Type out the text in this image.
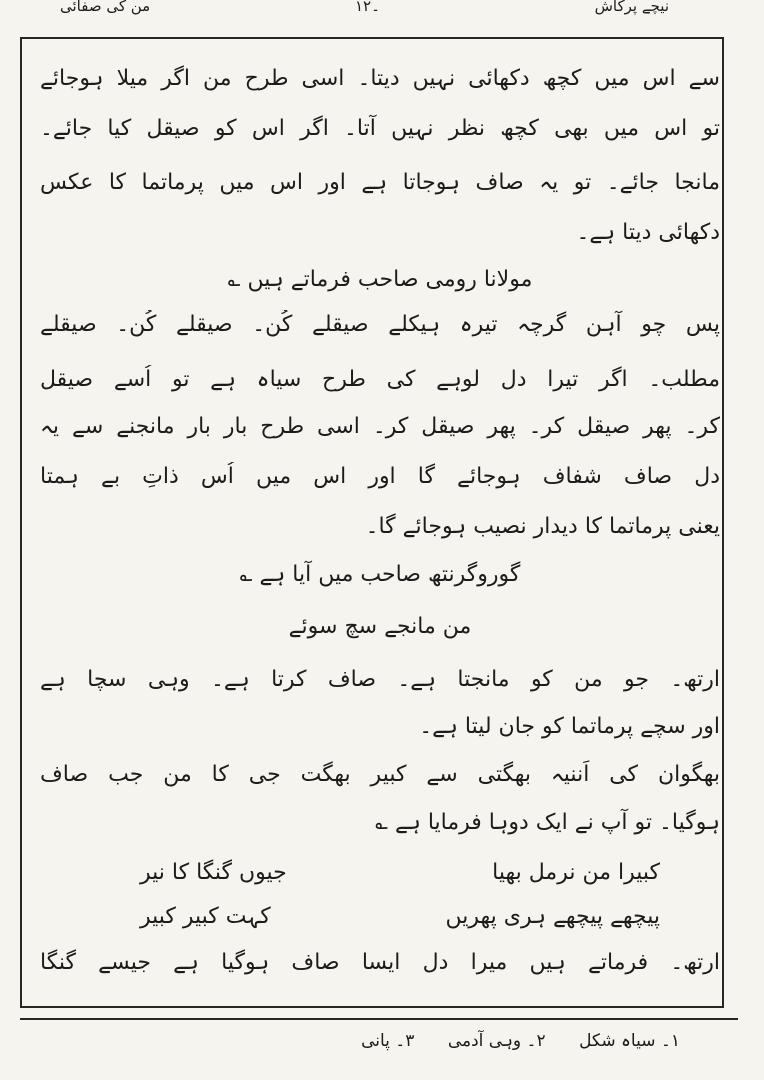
نیچے پرکاش
۔۱۲
من کی صفائی
سے اس میں کچھ دکھائی نہیں دیتا۔ اسی طرح من اگر میلا ہوجائے
تو اس میں بھی کچھ نظر نہیں آتا۔ اگر اس کو صیقل کیا جائے۔
مانجا جائے۔ تو یہ صاف ہوجاتا ہے اور اس میں پرماتما کا عکس
دکھائی دیتا ہے۔
مولانا رومی صاحب فرماتے ہیں ؎
پس چو آہن گرچہ تیرہ ہیکلے صیقلے کُن۔ صیقلے کُن۔ صیقلے
مطلب۔ اگر تیرا دل لوہے کی طرح سیاہ ہے تو اُسے صیقل
کر۔ پھر صیقل کر۔ پھر صیقل کر۔ اسی طرح بار بار مانجنے سے یہ
دل صاف شفاف ہوجائے گا اور اس میں اُس ذاتِ بے ہمتا
یعنی پرماتما کا دیدار نصیب ہوجائے گا۔
گوروگرنتھ صاحب میں آیا ہے ؎
من مانجے سچ سوئے
ارتھ۔ جو من کو مانجتا ہے۔ صاف کرتا ہے۔ وہی سچا ہے
اور سچے پرماتما کو جان لیتا ہے۔
بھگوان کی اَننیہ بھگتی سے کبیر بھگت جی کا من جب صاف
ہوگیا۔ تو آپ نے ایک دوہا فرمایا ہے ؎
کبیرا من نرمل بھیا
جیوں گنگا کا نیر
پیچھے پیچھے ہری پھریں
کہت کبیر کبیر
ارتھ۔ فرماتے ہیں میرا دل ایسا صاف ہوگیا ہے جیسے گنگا
۱۔ سیاہ شکل ۲۔ وہی آدمی ۳۔ پانی
